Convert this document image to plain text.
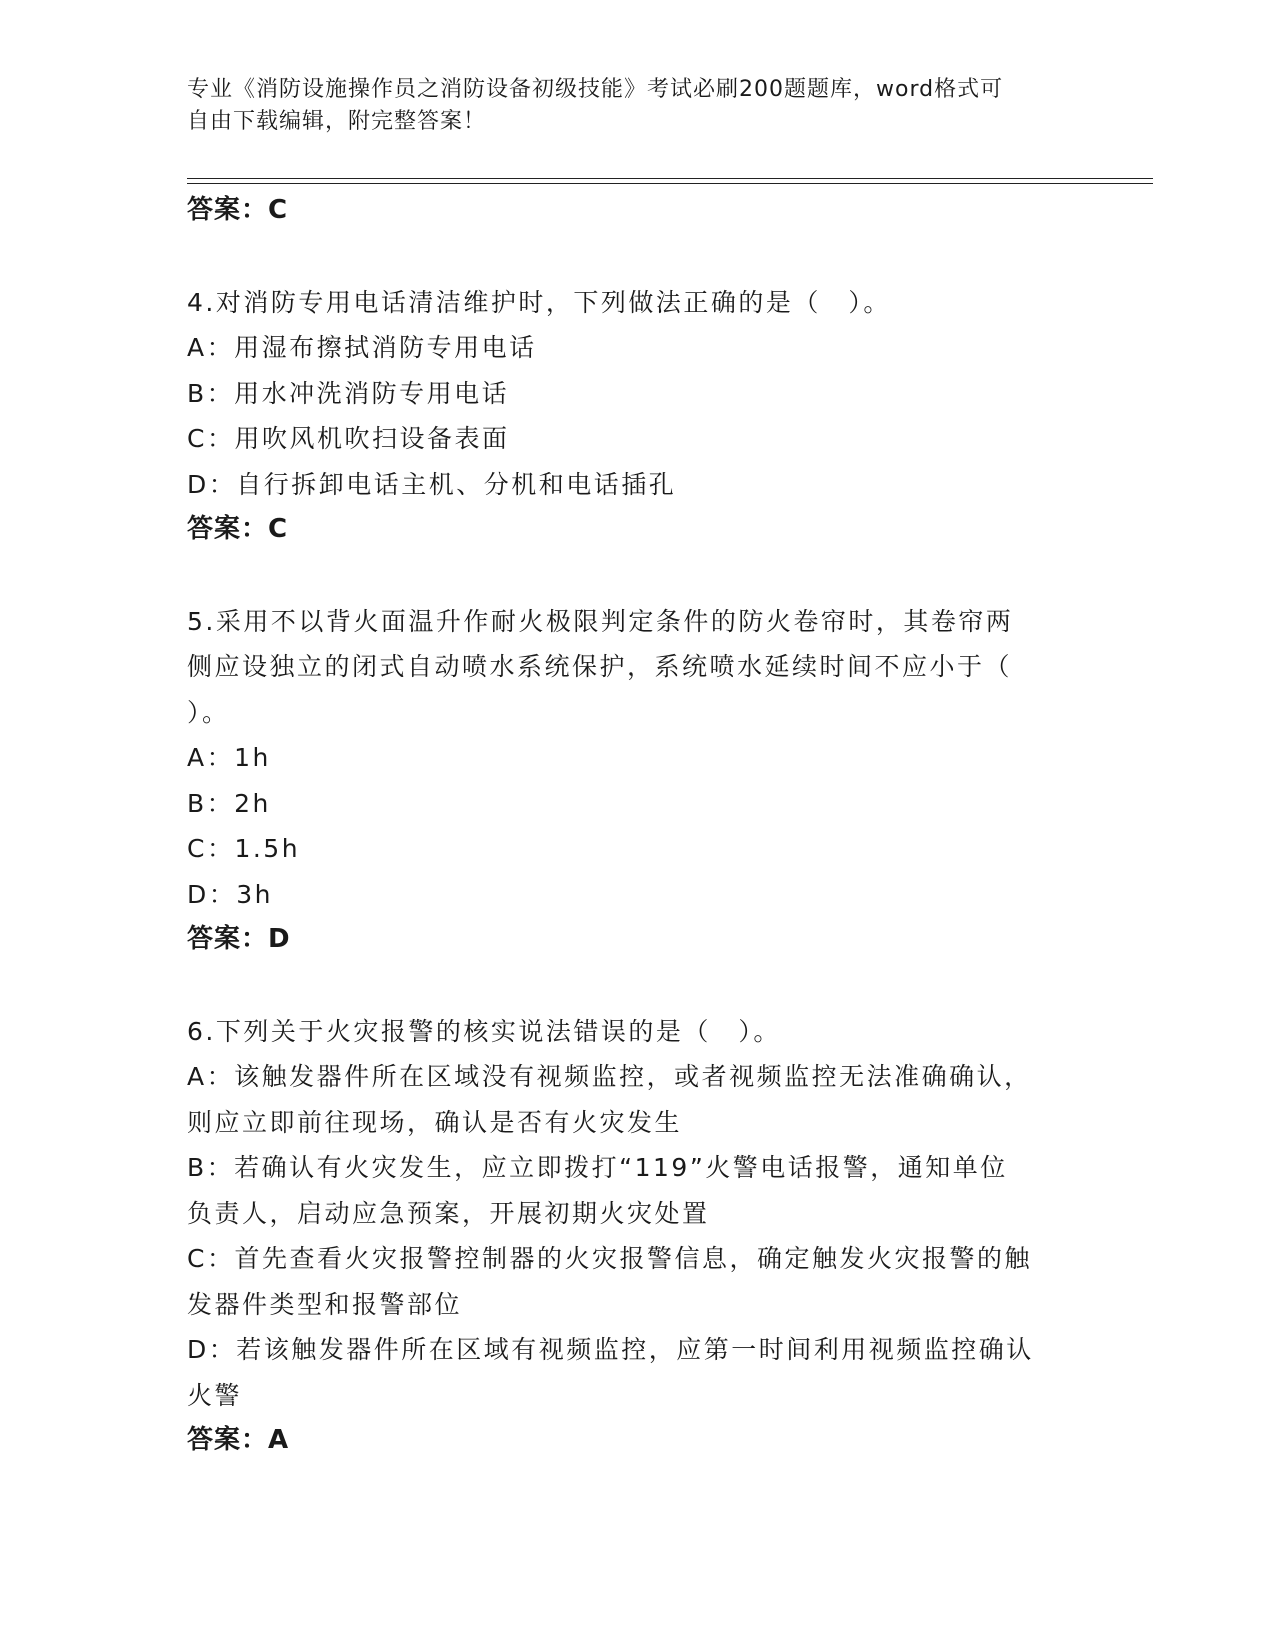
专业《消防设施操作员之消防设备初级技能》考试必刷200题题库，word格式可
自由下载编辑，附完整答案！
答案：C
4.对消防专用电话清洁维护时，下列做法正确的是（　）。
A：用湿布擦拭消防专用电话
B：用水冲洗消防专用电话
C：用吹风机吹扫设备表面
D：自行拆卸电话主机、分机和电话插孔
答案：C
5.采用不以背火面温升作耐火极限判定条件的防火卷帘时，其卷帘两
侧应设独立的闭式自动喷水系统保护，系统喷水延续时间不应小于（
）。
A：1h
B：2h
C：1.5h
D：3h
答案：D
6.下列关于火灾报警的核实说法错误的是（　）。
A：该触发器件所在区域没有视频监控，或者视频监控无法准确确认，
则应立即前往现场，确认是否有火灾发生
B：若确认有火灾发生，应立即拨打“119”火警电话报警，通知单位
负责人，启动应急预案，开展初期火灾处置
C：首先查看火灾报警控制器的火灾报警信息，确定触发火灾报警的触
发器件类型和报警部位
D：若该触发器件所在区域有视频监控，应第一时间利用视频监控确认
火警
答案：A
